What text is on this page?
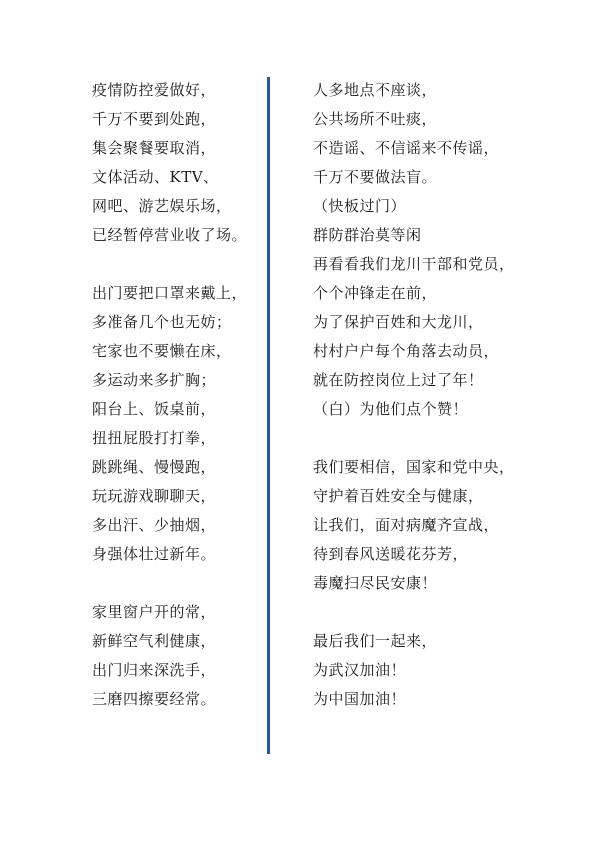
疫情防控爱做好，
千万不要到处跑，
集会聚餐要取消，
文体活动、KTV、
网吧、游艺娱乐场，
已经暂停营业收了场。
出门要把口罩来戴上，
多准备几个也无妨；
宅家也不要懒在床，
多运动来多扩胸；
阳台上、饭桌前，
扭扭屁股打打拳，
跳跳绳、慢慢跑，
玩玩游戏聊聊天，
多出汗、少抽烟，
身强体壮过新年。
家里窗户开的常，
新鲜空气利健康，
出门归来深洗手，
三磨四擦要经常。
人多地点不座谈，
公共场所不吐痰，
不造谣、不信谣来不传谣，
千万不要做法盲。
（快板过门）
群防群治莫等闲
再看看我们龙川干部和党员，
个个冲锋走在前，
为了保护百姓和大龙川，
村村户户每个角落去动员，
就在防控岗位上过了年！
（白）为他们点个赞！
我们要相信，国家和党中央，
守护着百姓安全与健康，
让我们，面对病魔齐宣战，
待到春风送暖花芬芳，
毒魔扫尽民安康！
最后我们一起来，
为武汉加油！
为中国加油！
